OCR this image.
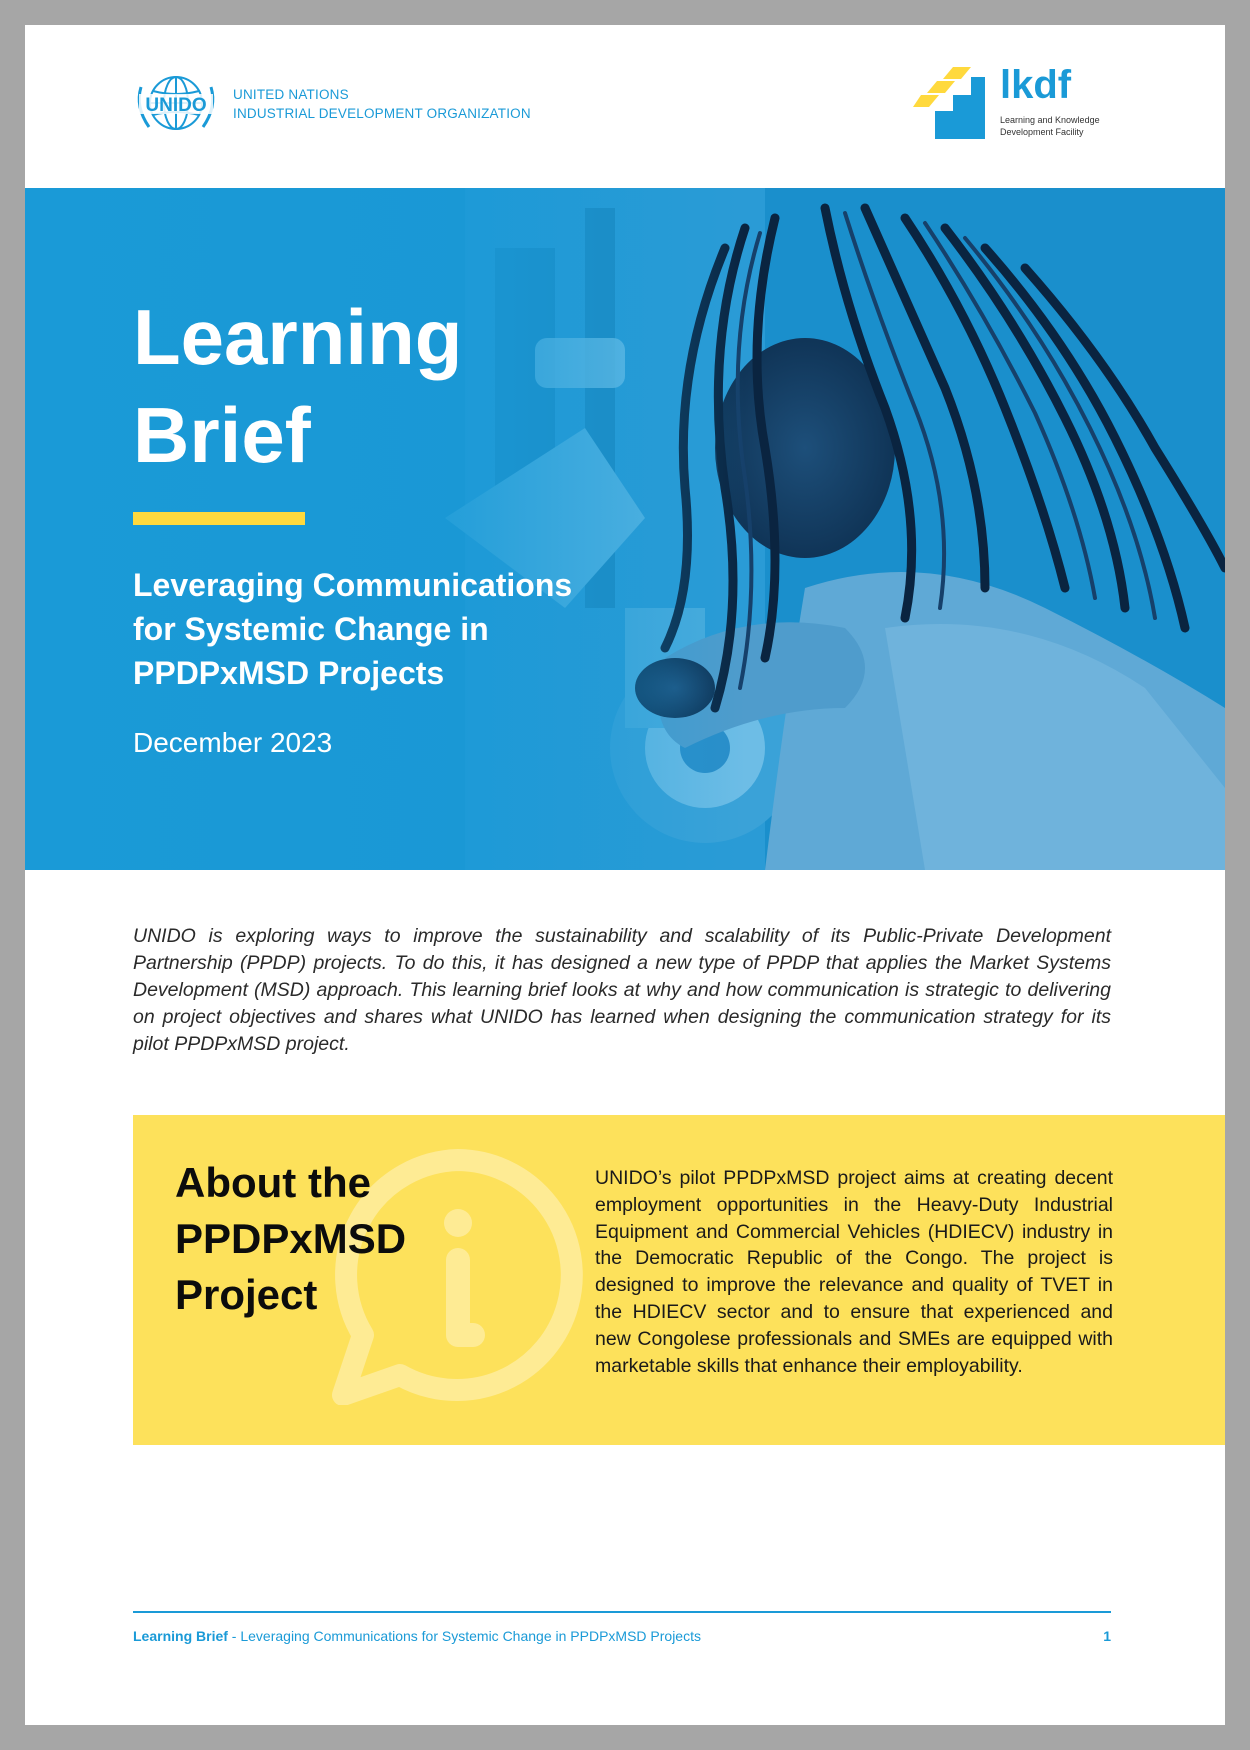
UNIDO
UNITED NATIONS
INDUSTRIAL DEVELOPMENT ORGANIZATION
lkdf
Learning and Knowledge
Development Facility
Learning
Brief
Leveraging Communications
for Systemic Change in
PPDPxMSD Projects
December 2023
UNIDO is exploring ways to improve the sustainability and scalability of its Public-Private Development Partnership (PPDP) projects. To do this, it has designed a new type of PPDP that applies the Market Systems Development (MSD) approach. This learning brief looks at why and how communication is strategic to delivering on project objectives and shares what UNIDO has learned when designing the communication strategy for its pilot PPDPxMSD project.
About the
PPDPxMSD
Project
UNIDO’s pilot PPDPxMSD project aims at creating decent employment opportunities in the Heavy-Duty Industrial Equipment and Commercial Vehicles (HDIECV) industry in the Democratic Republic of the Congo. The project is designed to improve the relevance and quality of TVET in the HDIECV sector and to ensure that experienced and new Congolese professionals and SMEs are equipped with marketable skills that enhance their employability.
Learning Brief - Leveraging Communications for Systemic Change in PPDPxMSD Projects	1
